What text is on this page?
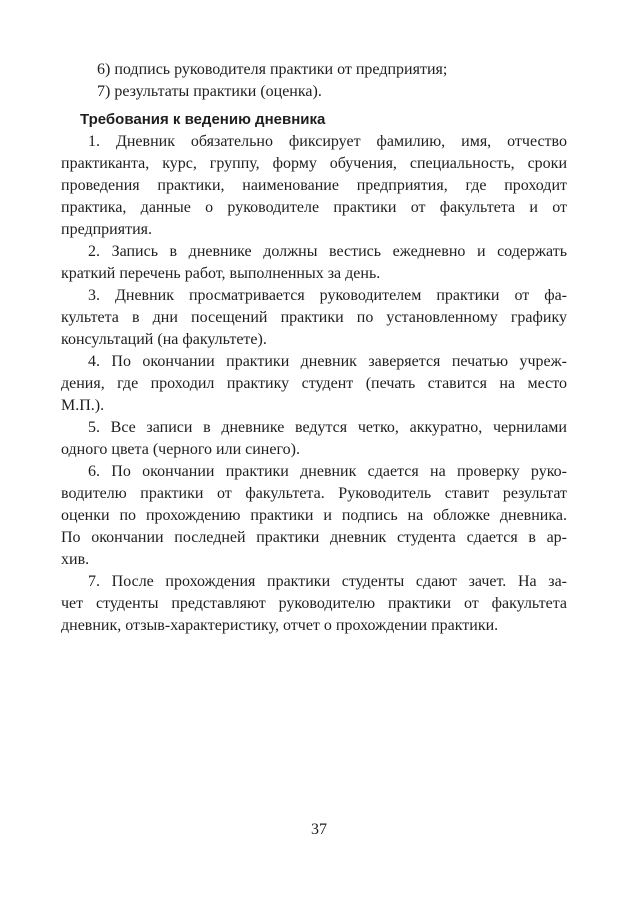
6) подпись руководителя практики от предприятия;
7) результаты практики (оценка).
Требования к ведению дневника
1. Дневник обязательно фиксирует фамилию, имя, отчество
практиканта, курс, группу, форму обучения, специальность, сроки
проведения практики, наименование предприятия, где проходит
практика, данные о руководителе практики от факультета и от
предприятия.
2. Запись в дневнике должны вестись ежедневно и содержать
краткий перечень работ, выполненных за день.
3. Дневник просматривается руководителем практики от фа-
культета в дни посещений практики по установленному графику
консультаций (на факультете).
4. По окончании практики дневник заверяется печатью учреж-
дения, где проходил практику студент (печать ставится на место
М.П.).
5. Все записи в дневнике ведутся четко, аккуратно, чернилами
одного цвета (черного или синего).
6. По окончании практики дневник сдается на проверку руко-
водителю практики от факультета. Руководитель ставит результат
оценки по прохождению практики и подпись на обложке дневника.
По окончании последней практики дневник студента сдается в ар-
хив.
7. После прохождения практики студенты сдают зачет. На за-
чет студенты представляют руководителю практики от факультета
дневник, отзыв-характеристику, отчет о прохождении практики.
37
